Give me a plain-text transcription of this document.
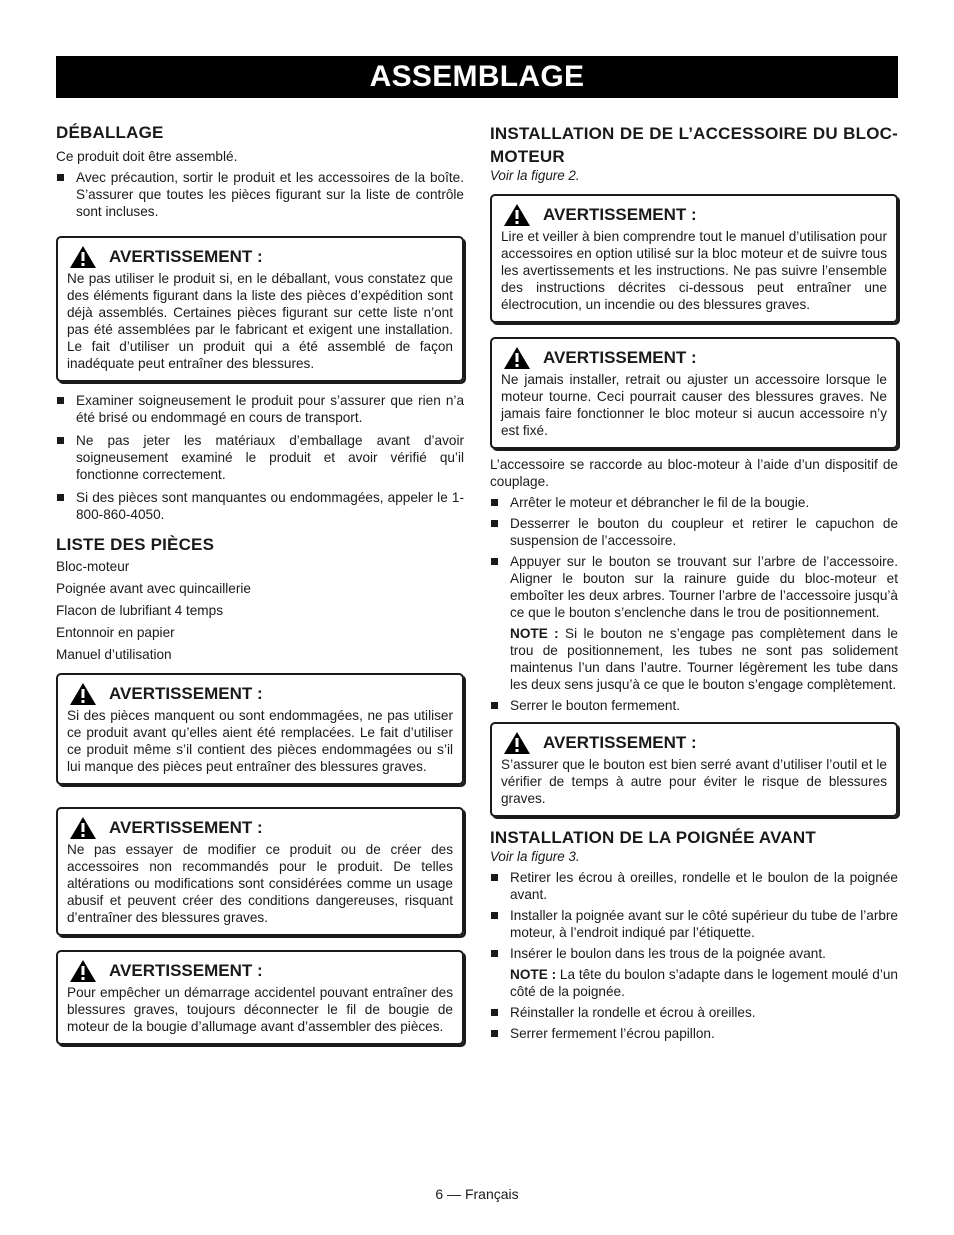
ASSEMBLAGE
DÉBALLAGE

Ce produit doit être assemblé.

Avec précaution, sortir le produit et les accessoires de la boîte. S’assurer que toutes les pièces figurant sur la liste de contrôle sont incluses.
AVERTISSEMENT :

Ne pas utiliser le produit si, en le déballant, vous constatez que des éléments figurant dans la liste des pièces d’expédition sont déjà assemblés. Certaines pièces figurant sur cette liste n’ont pas été assemblées par le fabricant et exigent une installation. Le fait d’utiliser un produit qui a été assemblé de façon inadéquate peut entraîner des blessures.

Examiner soigneusement le produit pour s’assurer que rien n’a été brisé ou endommagé en cours de transport.
Ne pas jeter les matériaux d’emballage avant d’avoir soigneusement examiné le produit et avoir vérifié qu’il fonctionne correctement.
Si des pièces sont manquantes ou endommagées, appeler le 1-800-860-4050.
LISTE DES PIÈCES

Bloc-moteur

Poignée avant avec quincaillerie

Flacon de lubrifiant 4 temps

Entonnoir en papier

Manuel d’utilisation

AVERTISSEMENT :

Si des pièces manquent ou sont endommagées, ne pas utiliser ce produit avant qu’elles aient été remplacées. Le fait d’utiliser ce produit même s’il contient des pièces endommagées ou s’il lui manque des pièces peut entraîner des blessures graves.

AVERTISSEMENT :

Ne pas essayer de modifier ce produit ou de créer des accessoires non recommandés pour le produit. De telles altérations ou modifications sont considérées comme un usage abusif et peuvent créer des conditions dangereuses, risquant d’entraîner des blessures graves.

AVERTISSEMENT :

Pour empêcher un démarrage accidentel pouvant entraîner des blessures graves, toujours déconnecter le fil de bougie de moteur de la bougie d’allumage avant d’assembler des pièces.

INSTALLATION DE DE L’ACCESSOIRE DU BLOC-MOTEUR

Voir la figure 2.

AVERTISSEMENT :

Lire et veiller à bien comprendre tout le manuel d’utilisation pour accessoires en option utilisé sur la bloc moteur et de suivre tous les avertissements et les instructions. Ne pas suivre l’ensemble des instructions décrites ci-dessous peut entraîner une électrocution, un incendie ou des blessures graves.

AVERTISSEMENT :

Ne jamais installer, retrait ou ajuster un accessoire lorsque le moteur tourne. Ceci pourrait causer des blessures graves. Ne jamais faire fonctionner le bloc moteur si aucun accessoire n’y est fixé.

L’accessoire se raccorde au bloc-moteur à l’aide d’un dispositif de couplage.

Arrêter le moteur et débrancher le fil de la bougie.
Desserrer le bouton du coupleur et retirer le capuchon de suspension de l’accessoire.
Appuyer sur le bouton se trouvant sur l’arbre de l’accessoire. Aligner le bouton sur la rainure guide du bloc-moteur et emboîter les deux arbres. Tourner l’arbre de l’accessoire jusqu’à ce que le bouton s’enclenche dans le trou de positionnement.

NOTE : Si le bouton ne s’engage pas complètement dans le trou de positionnement, les tubes ne sont pas solidement maintenus l’un dans l’autre. Tourner légèrement les tube dans les deux sens jusqu’à ce que le bouton s’engage complètement.

Serrer le bouton fermement.
AVERTISSEMENT :

S’assurer que le bouton est bien serré avant d’utiliser l’outil et le vérifier de temps à autre pour éviter le risque de blessures graves.

INSTALLATION DE LA POIGNÉE AVANT

Voir la figure 3.

Retirer les écrou à oreilles, rondelle et le boulon de la poignée avant.
Installer la poignée avant sur le côté supérieur du tube de l’arbre moteur, à l’endroit indiqué par l’étiquette.
Insérer le boulon dans les trous de la poignée avant.

NOTE : La tête du boulon s’adapte dans le logement moulé d’un côté de la poignée.

Réinstaller la rondelle et écrou à oreilles.
Serrer fermement l’écrou papillon.
6 — Français
